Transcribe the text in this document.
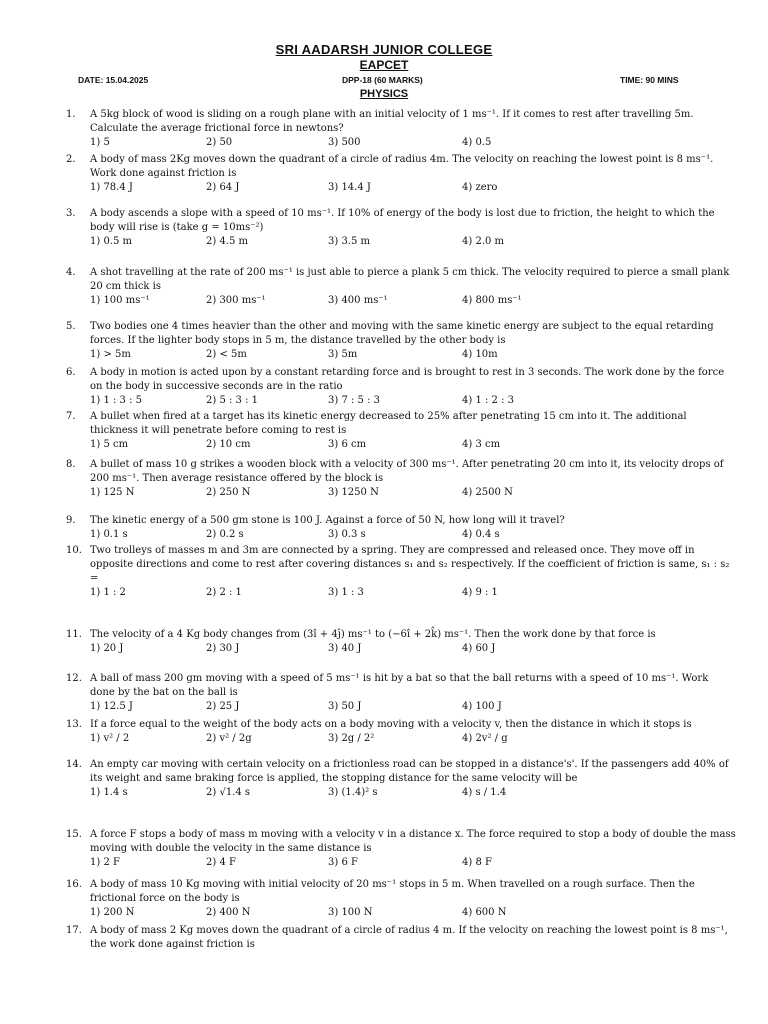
SRI AADARSH JUNIOR COLLEGE
EAPCET
DATE: 15.04.2025	DPP-18 (60 MARKS)	TIME: 90 MINS
PHYSICS
1. A 5kg block of wood is sliding on a rough plane with an initial velocity of 1 ms⁻¹. If it comes to rest after travelling 5m. Calculate the average frictional force in newtons?
1) 5	2) 50	3) 500	4) 0.5
2. A body of mass 2Kg moves down the quadrant of a circle of radius 4m. The velocity on reaching the lowest point is 8 ms⁻¹. Work done against friction is
1) 78.4 J	2) 64 J	3) 14.4 J	4) zero
3. A body ascends a slope with a speed of 10 ms⁻¹. If 10% of energy of the body is lost due to friction, the height to which the body will rise is (take g = 10ms⁻²)
1) 0.5 m	2) 4.5 m	3) 3.5 m	4) 2.0 m
4. A shot travelling at the rate of 200 ms⁻¹ is just able to pierce a plank 5 cm thick. The velocity required to pierce a small plank 20 cm thick is
1) 100 ms⁻¹	2) 300 ms⁻¹	3) 400 ms⁻¹	4) 800 ms⁻¹
5. Two bodies one 4 times heavier than the other and moving with the same kinetic energy are subject to the equal retarding forces. If the lighter body stops in 5 m, the distance travelled by the other body is
1) > 5m	2) < 5m	3) 5m	4) 10m
6. A body in motion is acted upon by a constant retarding force and is brought to rest in 3 seconds. The work done by the force on the body in successive seconds are in the ratio
1) 1 : 3 : 5	2) 5 : 3 : 1	3) 7 : 5 : 3	4) 1 : 2 : 3
7. A bullet when fired at a target has its kinetic energy decreased to 25% after penetrating 15 cm into it. The additional thickness it will penetrate before coming to rest is
1) 5 cm	2) 10 cm	3) 6 cm	4) 3 cm
8. A bullet of mass 10 g strikes a wooden block with a velocity of 300 ms⁻¹. After penetrating 20 cm into it, its velocity drops of 200 ms⁻¹. Then average resistance offered by the block is
1) 125 N	2) 250 N	3) 1250 N	4) 2500 N
9. The kinetic energy of a 500 gm stone is 100 J. Against a force of 50 N, how long will it travel?
1) 0.1 s	2) 0.2 s	3) 0.3 s	4) 0.4 s
10. Two trolleys of masses m and 3m are connected by a spring. They are compressed and released once. They move off in opposite directions and come to rest after covering distances s₁ and s₂ respectively. If the coefficient of friction is same, s₁ : s₂ =
1) 1 : 2	2) 2 : 1	3) 1 : 3	4) 9 : 1
11. The velocity of a 4 Kg body changes from (3î + 4ĵ) ms⁻¹ to (−6î + 2k̂) ms⁻¹. Then the work done by that force is
1) 20 J	2) 30 J	3) 40 J	4) 60 J
12. A ball of mass 200 gm moving with a speed of 5 ms⁻¹ is hit by a bat so that the ball returns with a speed of 10 ms⁻¹. Work done by the bat on the ball is
1) 12.5 J	2) 25 J	3) 50 J	4) 100 J
13. If a force equal to the weight of the body acts on a body moving with a velocity v, then the distance in which it stops is
1) v² / 2	2) v² / 2g	3) 2g / 2²	4) 2v² / g
14. An empty car moving with certain velocity on a frictionless road can be stopped in a distance's'. If the passengers add 40% of its weight and same braking force is applied, the stopping distance for the same velocity will be
1) 1.4 s	2) √1.4 s	3) (1.4)² s	4) s / 1.4
15. A force F stops a body of mass m moving with a velocity v in a distance x. The force required to stop a body of double the mass moving with double the velocity in the same distance is
1) 2 F	2) 4 F	3) 6 F	4) 8 F
16. A body of mass 10 Kg moving with initial velocity of 20 ms⁻¹ stops in 5 m. When travelled on a rough surface. Then the frictional force on the body is
1) 200 N	2) 400 N	3) 100 N	4) 600 N
17. A body of mass 2 Kg moves down the quadrant of a circle of radius 4 m. If the velocity on reaching the lowest point is 8 ms⁻¹, the work done against friction is
